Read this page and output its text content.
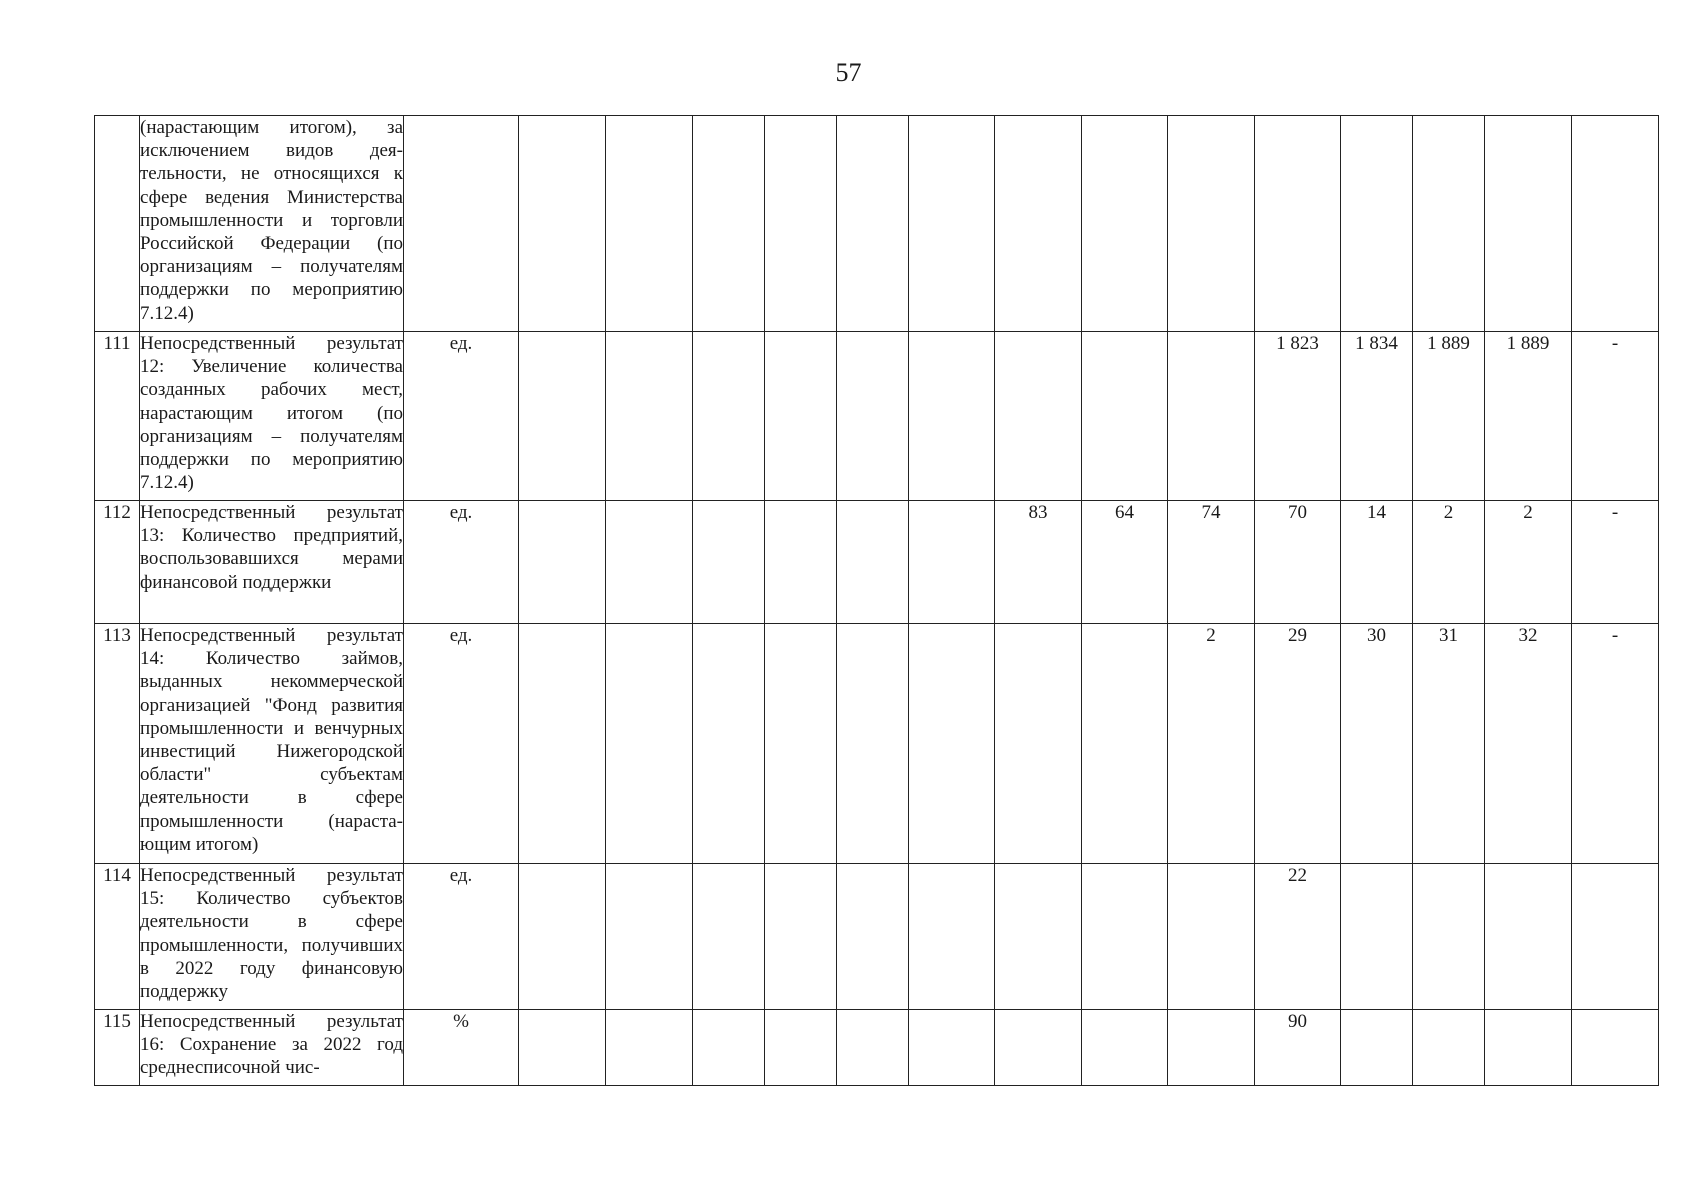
57
	(нарастающим итогом), за исключением видов деятельности, не относящихся к сфере ведения Министерства промышленности и торговли Российской Федерации (по организациям – получателям поддержки по мероприятию 7.12.4)																
111	Непосредственный результат 12: Увеличение количества созданных рабочих мест, нарастающим итогом (по организациям – получателям поддержки по мероприятию 7.12.4)	ед.										1 823	1 834	1 889	1 889	-	
112	Непосредственный результат 13: Количество предприятий, воспользовавшихся мерами финансовой поддержки	ед.							83	64	74	70	14	2	2	-	
113	Непосредственный результат 14: Количество займов, выданных некоммерческой организацией "Фонд развития промышленности и венчурных инвестиций Нижегородской области" субъектам деятельности в сфере промышленности (нарастающим итогом)	ед.									2	29	30	31	32	-	
114	Непосредственный результат 15: Количество субъектов деятельности в сфере промышленности, получивших в 2022 году финансовую поддержку	ед.										22					
115	Непосредственный результат 16: Сохранение за 2022 год среднесписочной чис-	%										90					
